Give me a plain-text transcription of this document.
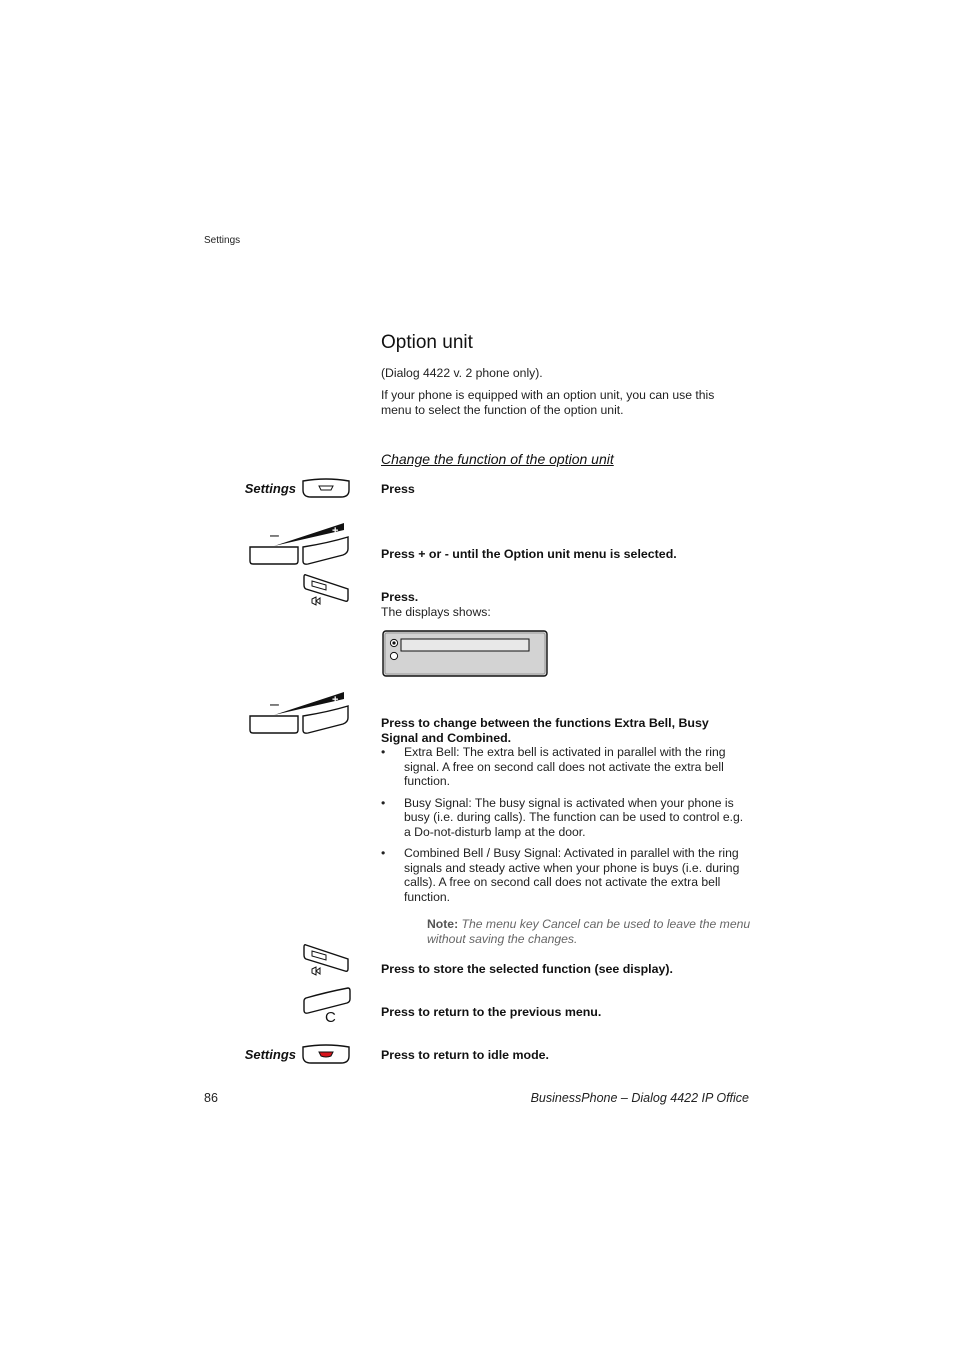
Settings
Option unit
(Dialog 4422 v. 2 phone only).
If your phone is equipped with an option unit, you can use this menu to select the function of the option unit.
Change the function of the option unit
Settings	Press
–	+
Press + or - until the Option unit menu is selected.
Press.
The displays shows:
–	+
Press to change between the functions Extra Bell, Busy Signal and Combined.
• Extra Bell: The extra bell is activated in parallel with the ring signal. A free on second call does not activate the extra bell function.
• Busy Signal: The busy signal is activated when your phone is busy (i.e. during calls). The function can be used to control e.g. a Do-not-disturb lamp at the door.
• Combined Bell / Busy Signal: Activated in parallel with the ring signals and steady active when your phone is buys (i.e. during calls). A free on second call does not activate the extra bell function.
Note: The menu key Cancel can be used to leave the menu without saving the changes.
Press to store the selected function (see display).
C	Press to return to the previous menu.
Settings	Press to return to idle mode.
86	BusinessPhone – Dialog 4422 IP Office
